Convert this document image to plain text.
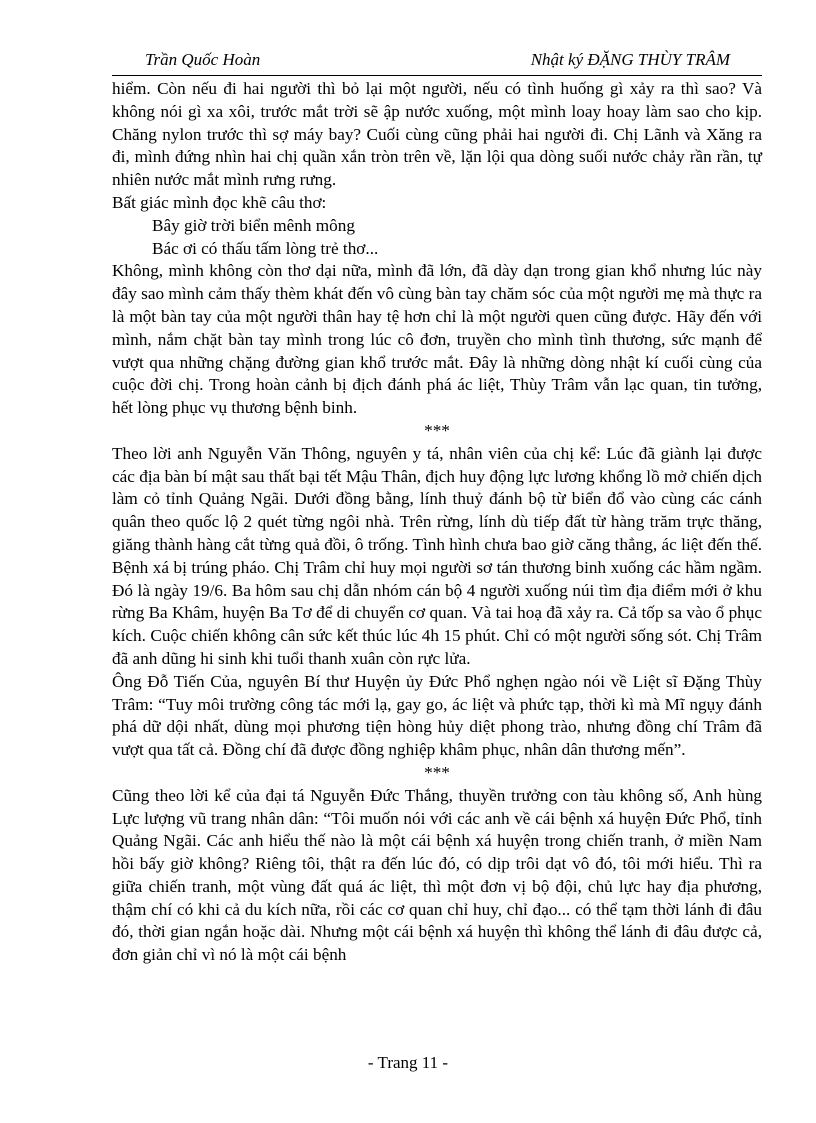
Trần Quốc Hoàn	Nhật ký ĐẶNG THÙY TRÂM

hiểm. Còn nếu đi hai người thì bỏ lại một người, nếu có tình huống gì xảy ra thì sao? Và không nói gì xa xôi, trước mắt trời sẽ ập nước xuống, một mình loay hoay làm sao cho kịp. Chăng nylon trước thì sợ máy bay? Cuối cùng cũng phải hai người đi. Chị Lãnh và Xăng ra đi, mình đứng nhìn hai chị quần xắn tròn trên về, lặn lội qua dòng suối nước chảy rần rần, tự nhiên nước mắt mình rưng rưng.

Bất giác mình đọc khẽ câu thơ:

Bây giờ trời biển mênh mông

Bác ơi có thấu tấm lòng trẻ thơ...

Không, mình không còn thơ dại nữa, mình đã lớn, đã dày dạn trong gian khổ nhưng lúc này đây sao mình cảm thấy thèm khát đến vô cùng bàn tay chăm sóc của một người mẹ mà thực ra là một bàn tay của một người thân hay tệ hơn chỉ là một người quen cũng được. Hãy đến với mình, nắm chặt bàn tay mình trong lúc cô đơn, truyền cho mình tình thương, sức mạnh để vượt qua những chặng đường gian khổ trước mắt. Đây là những dòng nhật kí cuối cùng của cuộc đời chị. Trong hoàn cảnh bị địch đánh phá ác liệt, Thùy Trâm vẫn lạc quan, tin tưởng, hết lòng phục vụ thương bệnh binh.

***

Theo lời anh Nguyễn Văn Thông, nguyên y tá, nhân viên của chị kể: Lúc đã giành lại được các địa bàn bí mật sau thất bại tết Mậu Thân, địch huy động lực lương khổng lồ mở chiến dịch làm cỏ tỉnh Quảng Ngãi. Dưới đồng bằng, lính thuỷ đánh bộ từ biển đổ vào cùng các cánh quân theo quốc lộ 2 quét từng ngôi nhà. Trên rừng, lính dù tiếp đất từ hàng trăm trực thăng, giăng thành hàng cắt từng quả đồi, ô trống. Tình hình chưa bao giờ căng thẳng, ác liệt đến thế. Bệnh xá bị trúng pháo. Chị Trâm chỉ huy mọi người sơ tán thương binh xuống các hầm ngầm. Đó là ngày 19/6. Ba hôm sau chị dẫn nhóm cán bộ 4 người xuống núi tìm địa điểm mới ở khu rừng Ba Khâm, huyện Ba Tơ để di chuyển cơ quan. Và tai hoạ đã xảy ra. Cả tốp sa vào ổ phục kích. Cuộc chiến không cân sức kết thúc lúc 4h 15 phút. Chỉ có một người sống sót. Chị Trâm đã anh dũng hi sinh khi tuổi thanh xuân còn rực lửa.

Ông Đỗ Tiến Của, nguyên Bí thư Huyện ủy Đức Phổ nghẹn ngào nói về Liệt sĩ Đặng Thùy Trâm: “Tuy môi trường công tác mới lạ, gay go, ác liệt và phức tạp, thời kì mà Mĩ ngụy đánh phá dữ dội nhất, dùng mọi phương tiện hòng hủy diệt phong trào, nhưng đồng chí Trâm đã vượt qua tất cả. Đồng chí đã được đồng nghiệp khâm phục, nhân dân thương mến”.

***

Cũng theo lời kể của đại tá Nguyễn Đức Thắng, thuyền trưởng con tàu không số, Anh hùng Lực lượng vũ trang nhân dân: “Tôi muốn nói với các anh về cái bệnh xá huyện Đức Phổ, tỉnh Quảng Ngãi. Các anh hiểu thế nào là một cái bệnh xá huyện trong chiến tranh, ở miền Nam hồi bấy giờ không? Riêng tôi, thật ra đến lúc đó, có dịp trôi dạt vô đó, tôi mới hiểu. Thì ra giữa chiến tranh, một vùng đất quá ác liệt, thì một đơn vị bộ đội, chủ lực hay địa phương, thậm chí có khi cả du kích nữa, rồi các cơ quan chỉ huy, chỉ đạo... có thể tạm thời lánh đi đâu đó, thời gian ngắn hoặc dài. Nhưng một cái bệnh xá huyện thì không thể lánh đi đâu được cả, đơn giản chỉ vì nó là một cái bệnh

- Trang 11 -
